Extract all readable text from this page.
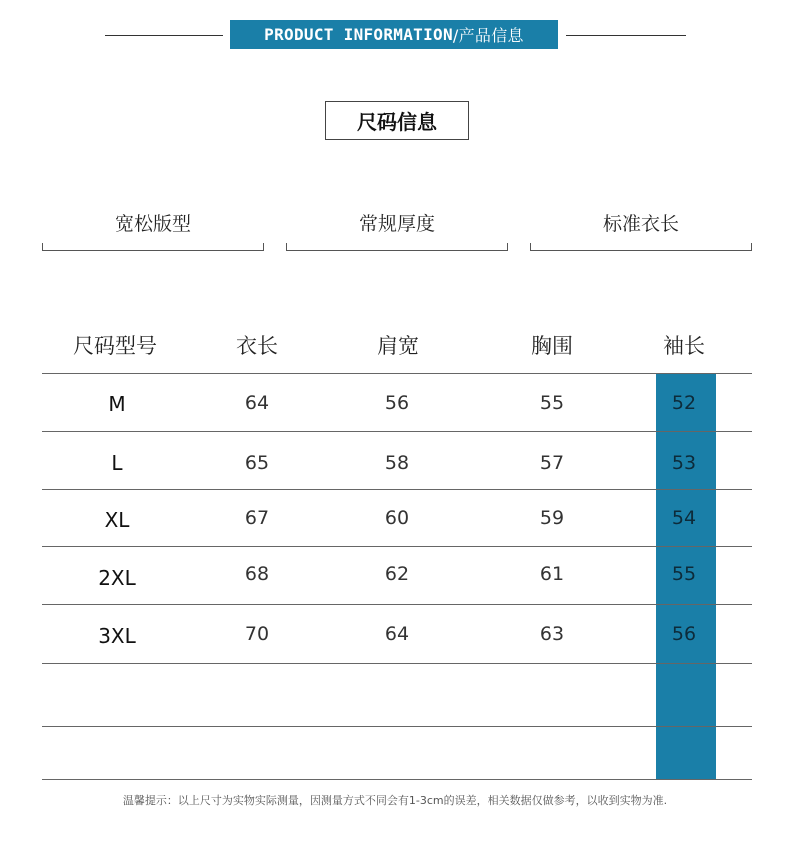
PRODUCT INFORMATION /产品信息
尺码信息
宽松版型	常规厚度	标准衣长
尺码型号	衣长	肩宽	胸围	袖长
M	64	56	55	52
L	65	58	57	53
XL	67	60	59	54
2XL	68	62	61	55
3XL	70	64	63	56
温馨提示：以上尺寸为实物实际测量，因测量方式不同会有1-3cm的误差，相关数据仅做参考，以收到实物为准.
